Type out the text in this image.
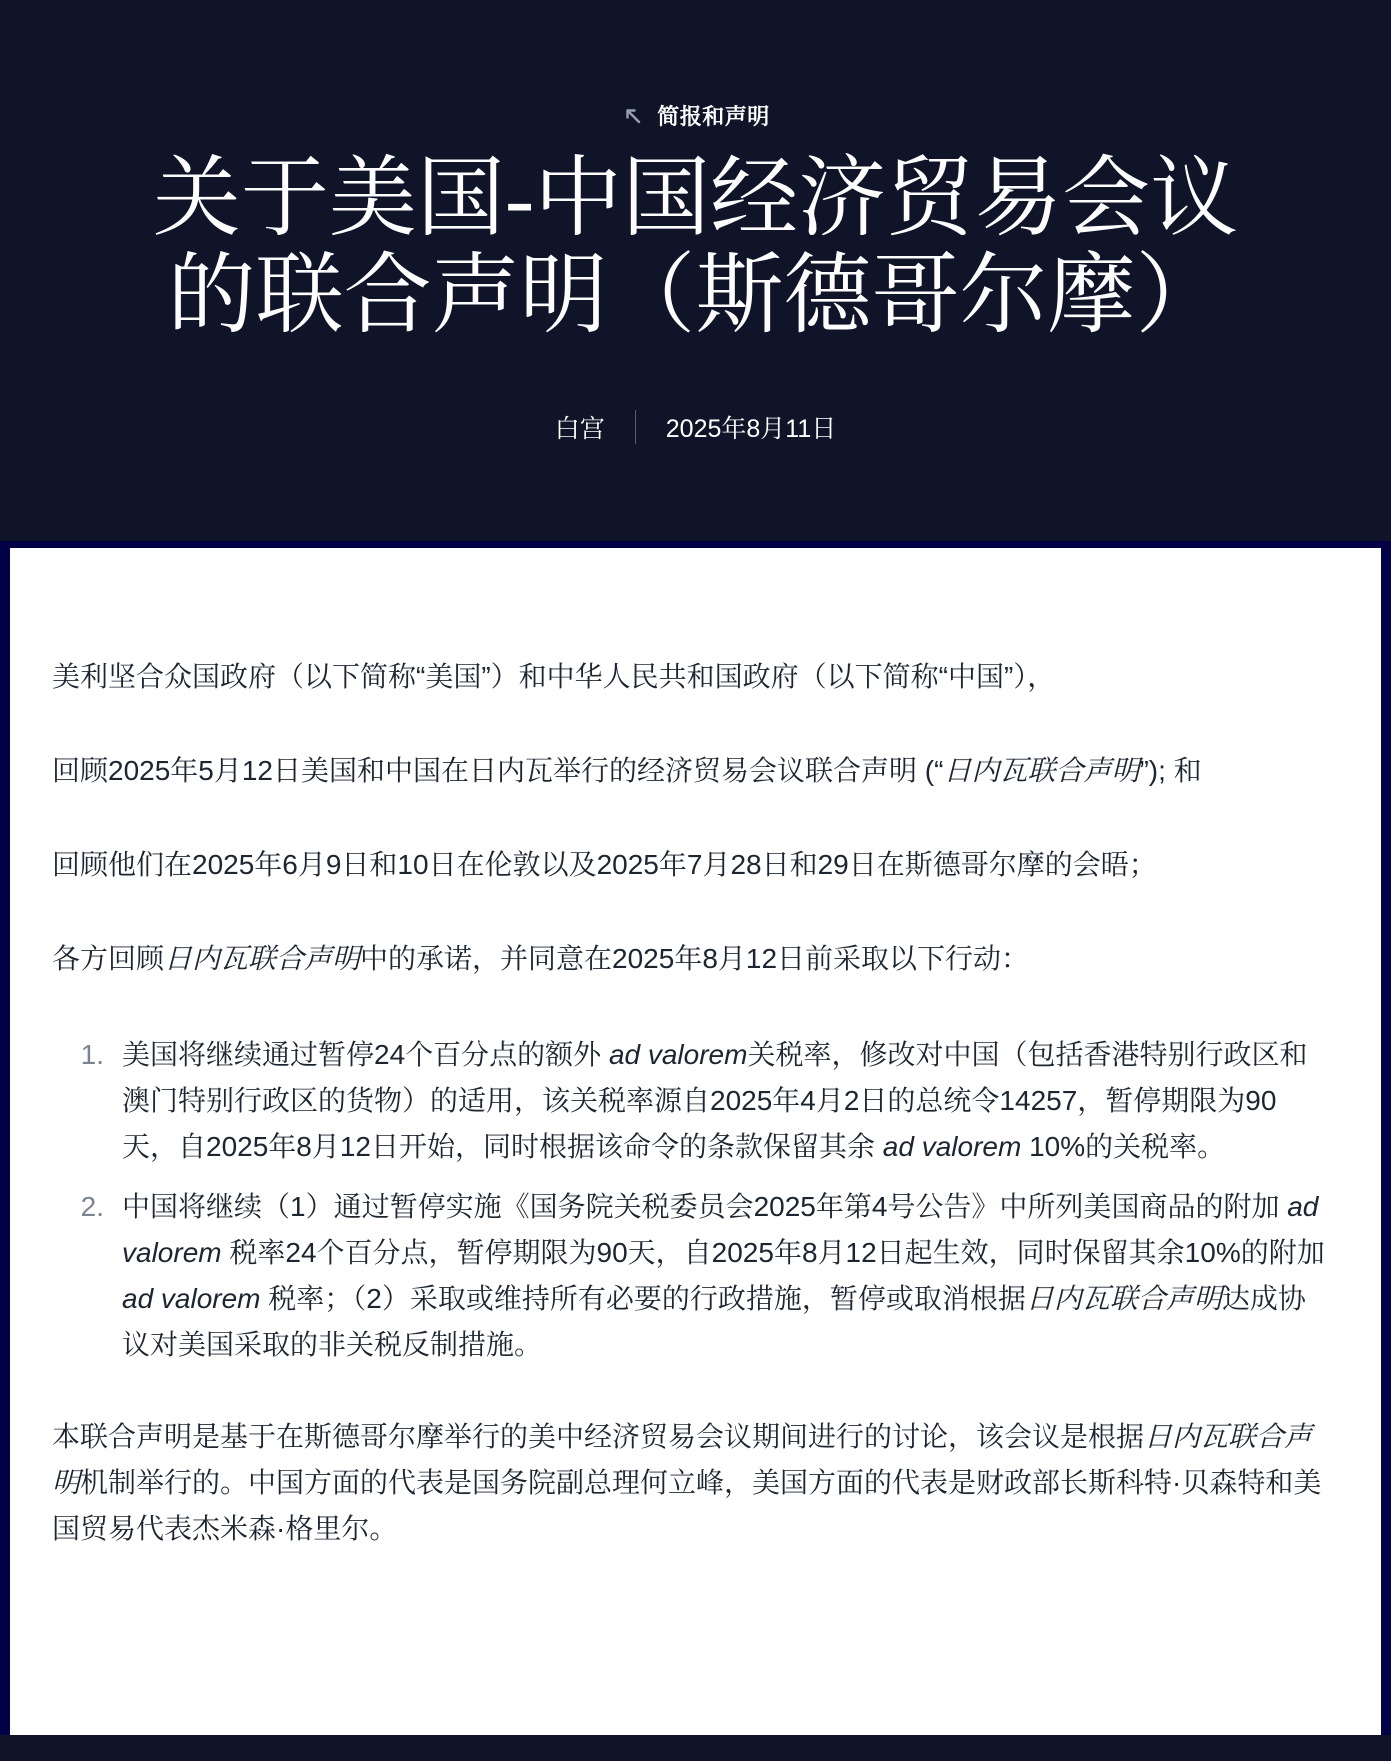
简报和声明
关于美国-中国经济贸易会议
的联合声明（斯德哥尔摩）
白宫 2025年8月11日

美利坚合众国政府（以下简称“美国”）和中华人民共和国政府（以下简称“中国”），

回顾2025年5月12日美国和中国在日内瓦举行的经济贸易会议联合声明 (“日内瓦联合声明”); 和

回顾他们在2025年6月9日和10日在伦敦以及2025年7月28日和29日在斯德哥尔摩的会晤；

各方回顾日内瓦联合声明中的承诺，并同意在2025年8月12日前采取以下行动：

1. 美国将继续通过暂停24个百分点的额外 ad valorem关税率，修改对中国（包括香港特别行政区和澳门特别行政区的货物）的适用，该关税率源自2025年4月2日的总统令14257，暂停期限为90天，自2025年8月12日开始，同时根据该命令的条款保留其余 ad valorem 10%的关税率。
2. 中国将继续（1）通过暂停实施《国务院关税委员会2025年第4号公告》中所列美国商品的附加 ad valorem 税率24个百分点，暂停期限为90天，自2025年8月12日起生效，同时保留其余10%的附加 ad valorem 税率；（2）采取或维持所有必要的行政措施，暂停或取消根据日内瓦联合声明达成协议对美国采取的非关税反制措施。

本联合声明是基于在斯德哥尔摩举行的美中经济贸易会议期间进行的讨论，该会议是根据日内瓦联合声明机制举行的。中国方面的代表是国务院副总理何立峰，美国方面的代表是财政部长斯科特·贝森特和美国贸易代表杰米森·格里尔。
